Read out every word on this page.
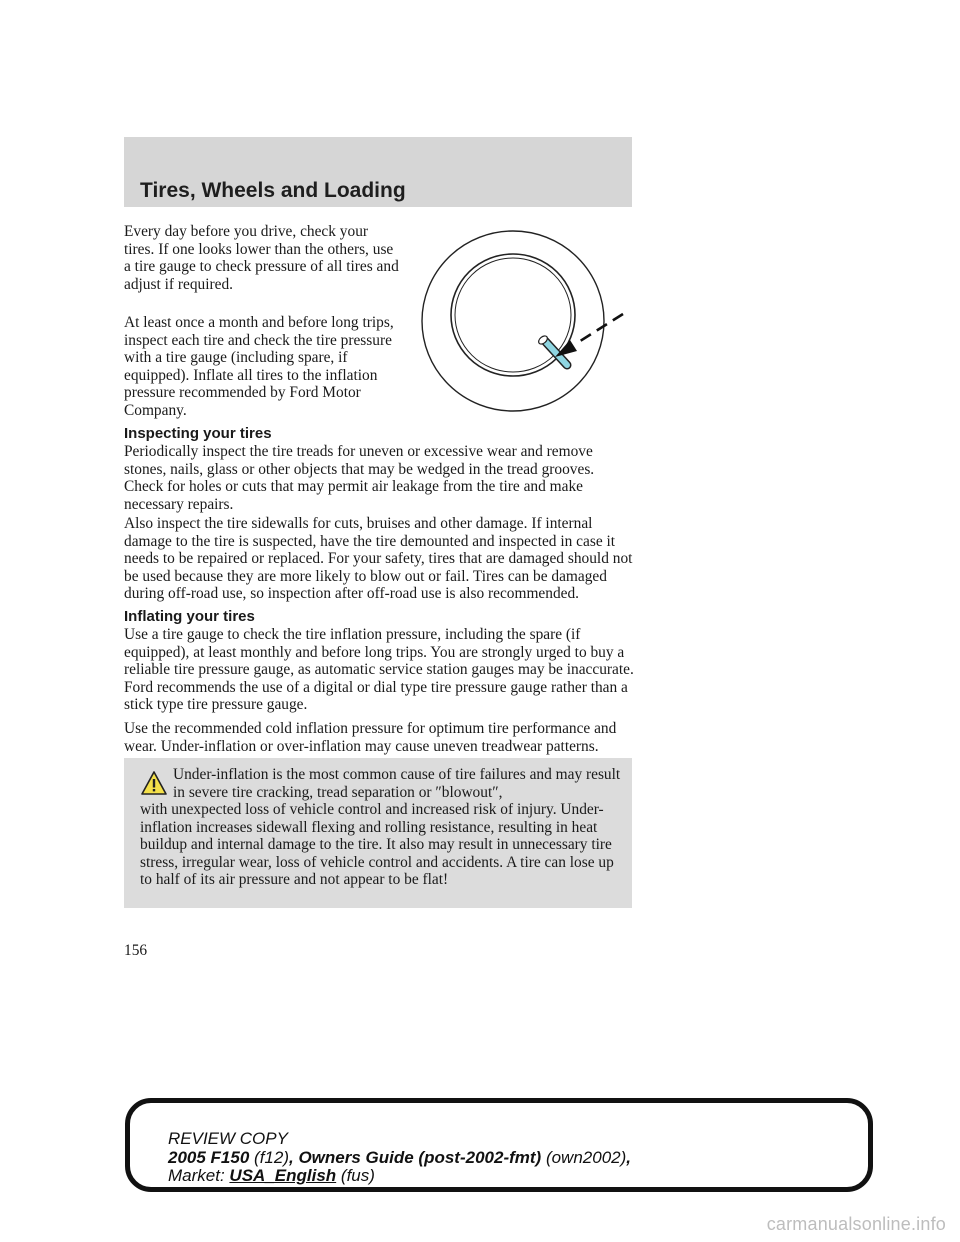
Tires, Wheels and Loading

Every day before you drive, check your tires. If one looks lower than the others, use a tire gauge to check pressure of all tires and adjust if required.

At least once a month and before long trips, inspect each tire and check the tire pressure with a tire gauge (including spare, if equipped). Inflate all tires to the inflation pressure recommended by Ford Motor Company.

Inspecting your tires

Periodically inspect the tire treads for uneven or excessive wear and remove stones, nails, glass or other objects that may be wedged in the tread grooves. Check for holes or cuts that may permit air leakage from the tire and make necessary repairs.

Also inspect the tire sidewalls for cuts, bruises and other damage. If internal damage to the tire is suspected, have the tire demounted and inspected in case it needs to be repaired or replaced. For your safety, tires that are damaged should not be used because they are more likely to blow out or fail. Tires can be damaged during off-road use, so inspection after off-road use is also recommended.

Inflating your tires

Use a tire gauge to check the tire inflation pressure, including the spare (if equipped), at least monthly and before long trips. You are strongly urged to buy a reliable tire pressure gauge, as automatic service station gauges may be inaccurate. Ford recommends the use of a digital or dial type tire pressure gauge rather than a stick type tire pressure gauge.

Use the recommended cold inflation pressure for optimum tire performance and wear. Under-inflation or over-inflation may cause uneven treadwear patterns.

Under-inflation is the most common cause of tire failures and may result in severe tire cracking, tread separation or ″blowout″,

with unexpected loss of vehicle control and increased risk of injury. Under-inflation increases sidewall flexing and rolling resistance, resulting in heat buildup and internal damage to the tire. It also may result in unnecessary tire stress, irregular wear, loss of vehicle control and accidents. A tire can lose up to half of its air pressure and not appear to be flat!

156
REVIEW COPY
2005 F150 (f12), Owners Guide (post-2002-fmt) (own2002),
Market: USA_English (fus)
carmanualsonline.info
